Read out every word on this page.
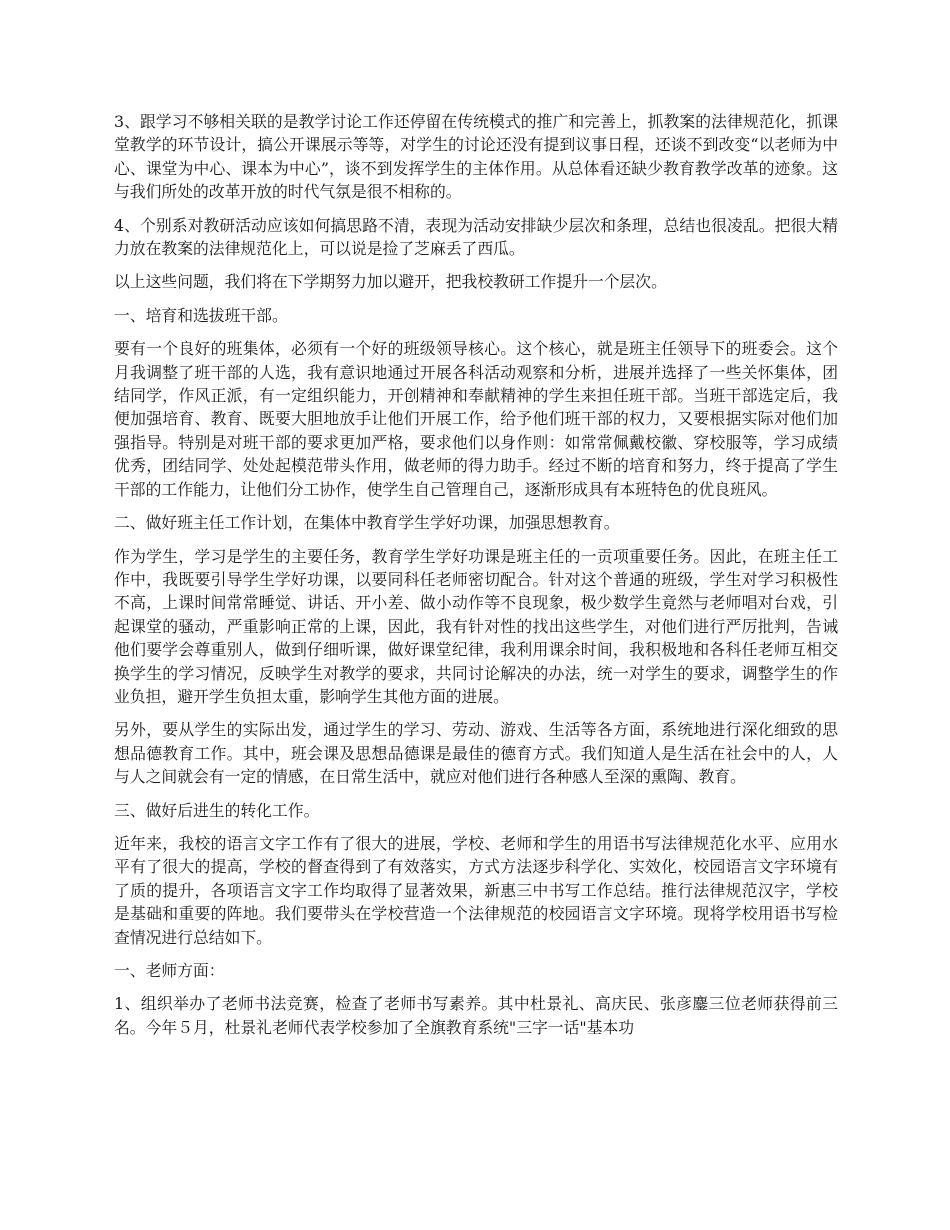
3、跟学习不够相关联的是教学讨论工作还停留在传统模式的推广和完善上，抓教案的法律规范化，抓课堂教学的环节设计，搞公开课展示等等，对学生的讨论还没有提到议事日程，还谈不到改变“以老师为中心、课堂为中心、课本为中心”，谈不到发挥学生的主体作用。从总体看还缺少教育教学改革的迹象。这与我们所处的改革开放的时代气氛是很不相称的。

4、个别系对教研活动应该如何搞思路不清，表现为活动安排缺少层次和条理，总结也很凌乱。把很大精力放在教案的法律规范化上，可以说是捡了芝麻丢了西瓜。

以上这些问题，我们将在下学期努力加以避开，把我校教研工作提升一个层次。

一、培育和选拔班干部。

要有一个良好的班集体，必须有一个好的班级领导核心。这个核心，就是班主任领导下的班委会。这个月我调整了班干部的人选，我有意识地通过开展各科活动观察和分析，进展并选择了一些关怀集体，团结同学，作风正派，有一定组织能力，开创精神和奉献精神的学生来担任班干部。当班干部选定后，我便加强培育、教育、既要大胆地放手让他们开展工作，给予他们班干部的权力，又要根据实际对他们加强指导。特别是对班干部的要求更加严格，要求他们以身作则：如常常佩戴校徽、穿校服等，学习成绩优秀，团结同学、处处起模范带头作用，做老师的得力助手。经过不断的培育和努力，终于提高了学生干部的工作能力，让他们分工协作，使学生自己管理自己，逐渐形成具有本班特色的优良班风。

二、做好班主任工作计划，在集体中教育学生学好功课，加强思想教育。

作为学生，学习是学生的主要任务，教育学生学好功课是班主任的一贡项重要任务。因此，在班主任工作中，我既要引导学生学好功课，以要同科任老师密切配合。针对这个普通的班级，学生对学习积极性不高，上课时间常常睡觉、讲话、开小差、做小动作等不良现象，极少数学生竟然与老师唱对台戏，引起课堂的骚动，严重影响正常的上课，因此，我有针对性的找出这些学生，对他们进行严厉批判，告诫他们要学会尊重别人，做到仔细听课，做好课堂纪律，我利用课余时间，我积极地和各科任老师互相交换学生的学习情况，反映学生对教学的要求，共同讨论解决的办法，统一对学生的要求，调整学生的作业负担，避开学生负担太重，影响学生其他方面的进展。

另外，要从学生的实际出发，通过学生的学习、劳动、游戏、生活等各方面，系统地进行深化细致的思想品德教育工作。其中，班会课及思想品德课是最佳的德育方式。我们知道人是生活在社会中的人，人与人之间就会有一定的情感，在日常生活中，就应对他们进行各种感人至深的熏陶、教育。

三、做好后进生的转化工作。

近年来，我校的语言文字工作有了很大的进展，学校、老师和学生的用语书写法律规范化水平、应用水平有了很大的提高，学校的督查得到了有效落实，方式方法逐步科学化、实效化，校园语言文字环境有了质的提升，各项语言文字工作均取得了显著效果，新惠三中书写工作总结。推行法律规范汉字，学校是基础和重要的阵地。我们要带头在学校营造一个法律规范的校园语言文字环境。现将学校用语书写检查情况进行总结如下。

一、老师方面：

1、组织举办了老师书法竞赛，检查了老师书写素养。其中杜景礼、高庆民、张彦鏖三位老师获得前三名。今年５月，杜景礼老师代表学校参加了全旗教育系统"三字一话"基本功
